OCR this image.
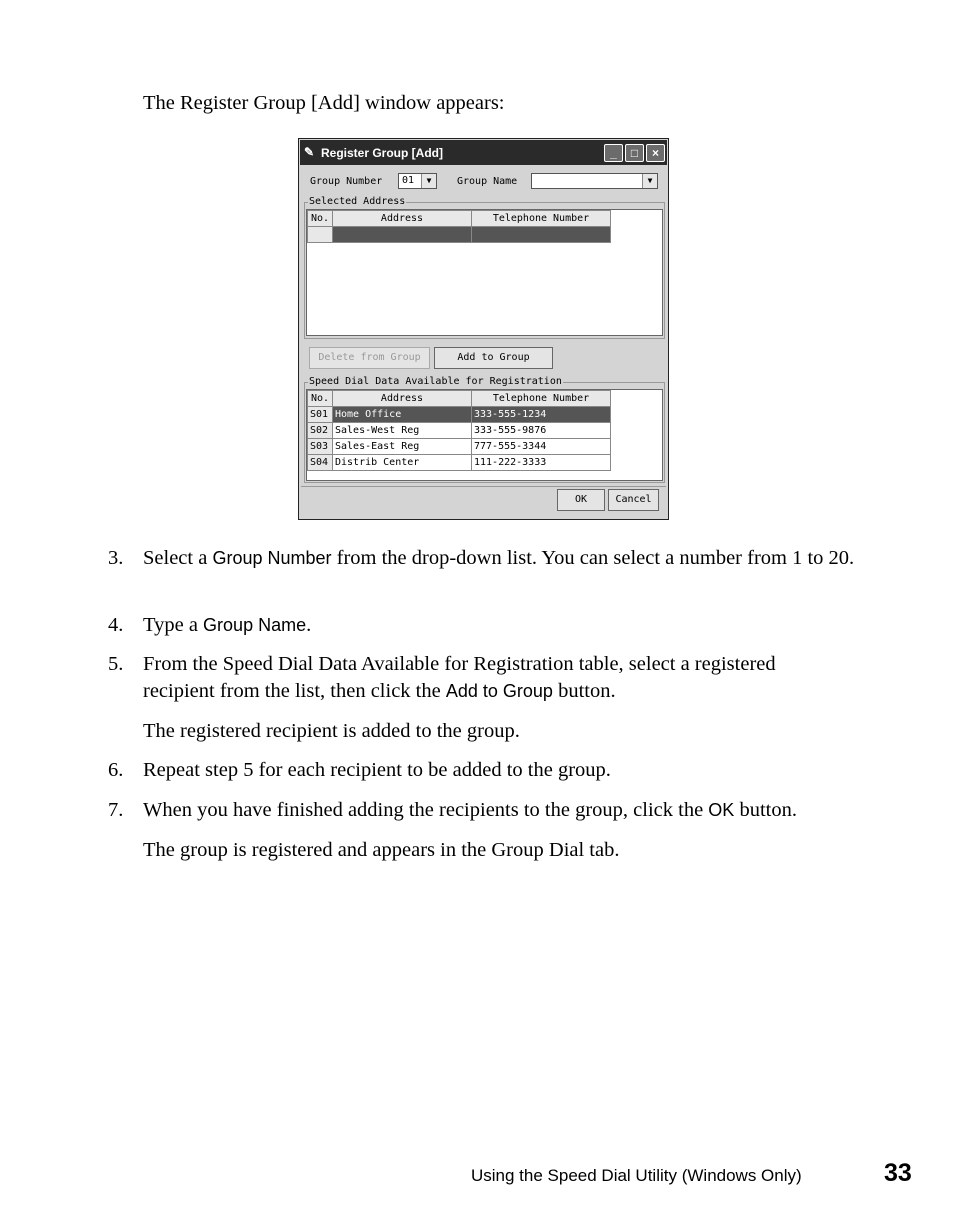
The Register Group [Add] window appears:
✎ Register Group [Add]	_	□	×
Group Number 01	▼	Group Name	▼
Selected Address
No.	Address	Telephone Number

Delete from Group	Add to Group
Speed Dial Data Available for Registration
No.	Address	Telephone Number
S01	Home Office	333-555-1234
S02	Sales-West Reg	333-555-9876
S03	Sales-East Reg	777-555-3344
S04	Distrib Center	111-222-3333
OK	Cancel
3. Select a Group Number from the drop-down list. You can select a number from 1 to 20.
4. Type a Group Name.
5. From the Speed Dial Data Available for Registration table, select a registered recipient from the list, then click the Add to Group button.
The registered recipient is added to the group.
6. Repeat step 5 for each recipient to be added to the group.
7. When you have finished adding the recipients to the group, click the OK button.
The group is registered and appears in the Group Dial tab.
Using the Speed Dial Utility (Windows Only)	33
